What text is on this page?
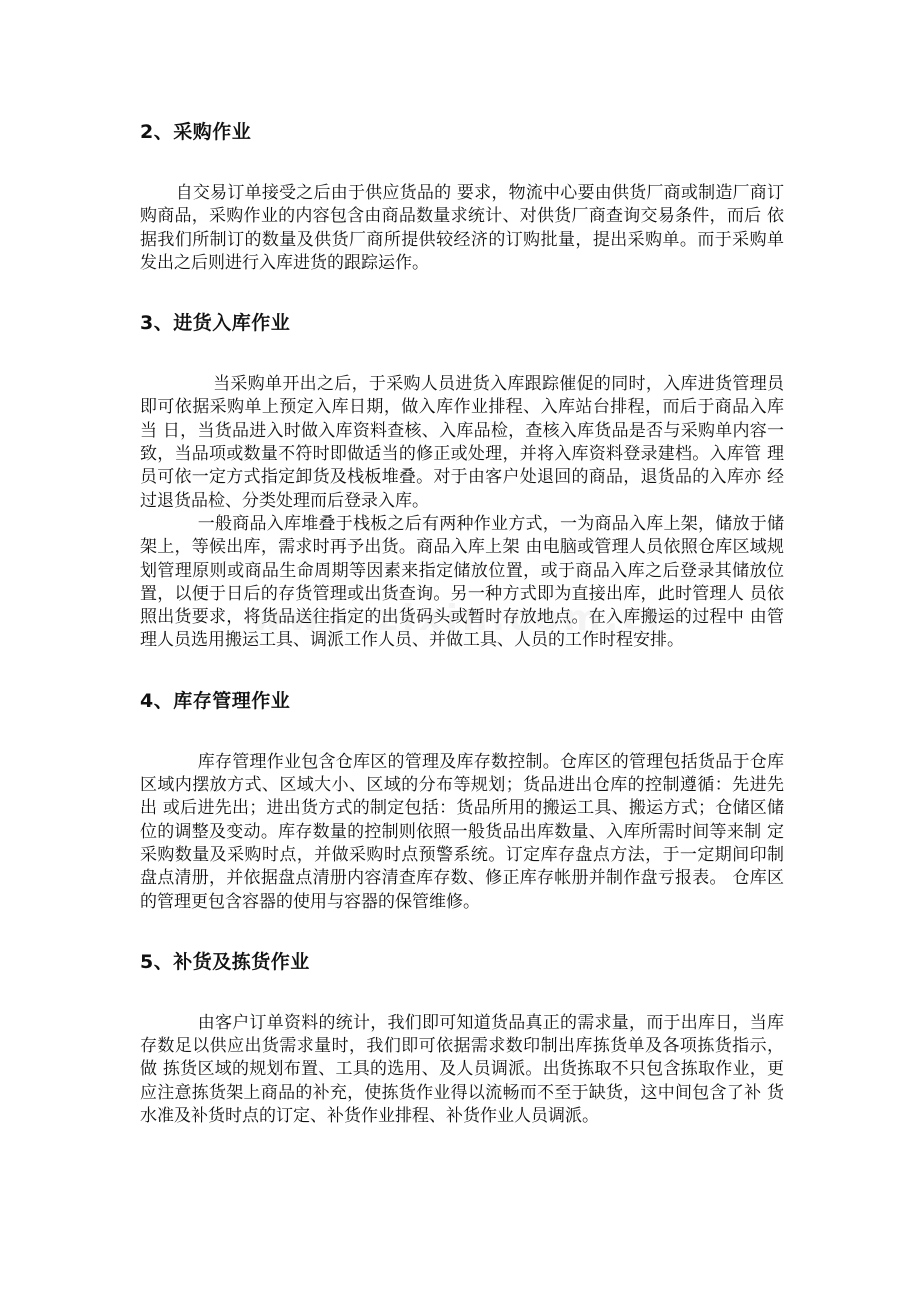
2、采购作业

自交易订单接受之后由于供应货品的 要求，物流中心要由供货厂商或制造厂商订购商品，采购作业的内容包含由商品数量求统计、对供货厂商查询交易条件，而后 依据我们所制订的数量及供货厂商所提供较经济的订购批量，提出采购单。而于采购单发出之后则进行入库进货的跟踪运作。

3、进货入库作业

当采购单开出之后，于采购人员进货入库跟踪催促的同时，入库进货管理员即可依据采购单上预定入库日期，做入库作业排程、入库站台排程，而后于商品入库当 日，当货品进入时做入库资料查核、入库品检，查核入库货品是否与采购单内容一致，当品项或数量不符时即做适当的修正或处理，并将入库资料登录建档。入库管 理员可依一定方式指定卸货及栈板堆叠。对于由客户处退回的商品，退货品的入库亦 经过退货品检、分类处理而后登录入库。

一般商品入库堆叠于栈板之后有两种作业方式，一为商品入库上架，储放于储架上，等候出库，需求时再予出货。商品入库上架 由电脑或管理人员依照仓库区域规 划管理原则或商品生命周期等因素来指定储放位置，或于商品入库之后登录其储放位置，以便于日后的存货管理或出货查询。另一种方式即为直接出库，此时管理人 员依照出货要求，将货品送往指定的出货码头或暂时存放地点。在入库搬运的过程中 由管理人员选用搬运工具、调派工作人员、并做工具、人员的工作时程安排。

4、库存管理作业

库存管理作业包含仓库区的管理及库存数控制。仓库区的管理包括货品于仓库区域内摆放方式、区域大小、区域的分布等规划；货品进出仓库的控制遵循：先进先出 或后进先出；进出货方式的制定包括：货品所用的搬运工具、搬运方式；仓储区储位的调整及变动。库存数量的控制则依照一般货品出库数量、入库所需时间等来制 定采购数量及采购时点，并做采购时点预警系统。订定库存盘点方法，于一定期间印制盘点清册，并依据盘点清册内容清查库存数、修正库存帐册并制作盘亏报表。 仓库区的管理更包含容器的使用与容器的保管维修。

5、补货及拣货作业

由客户订单资料的统计，我们即可知道货品真正的需求量，而于出库日，当库存数足以供应出货需求量时，我们即可依据需求数印制出库拣货单及各项拣货指示，做 拣货区域的规划布置、工具的选用、及人员调派。出货拣取不只包含拣取作业，更应注意拣货架上商品的补充，使拣货作业得以流畅而不至于缺货，这中间包含了补 货水准及补货时点的订定、补货作业排程、补货作业人员调派。
